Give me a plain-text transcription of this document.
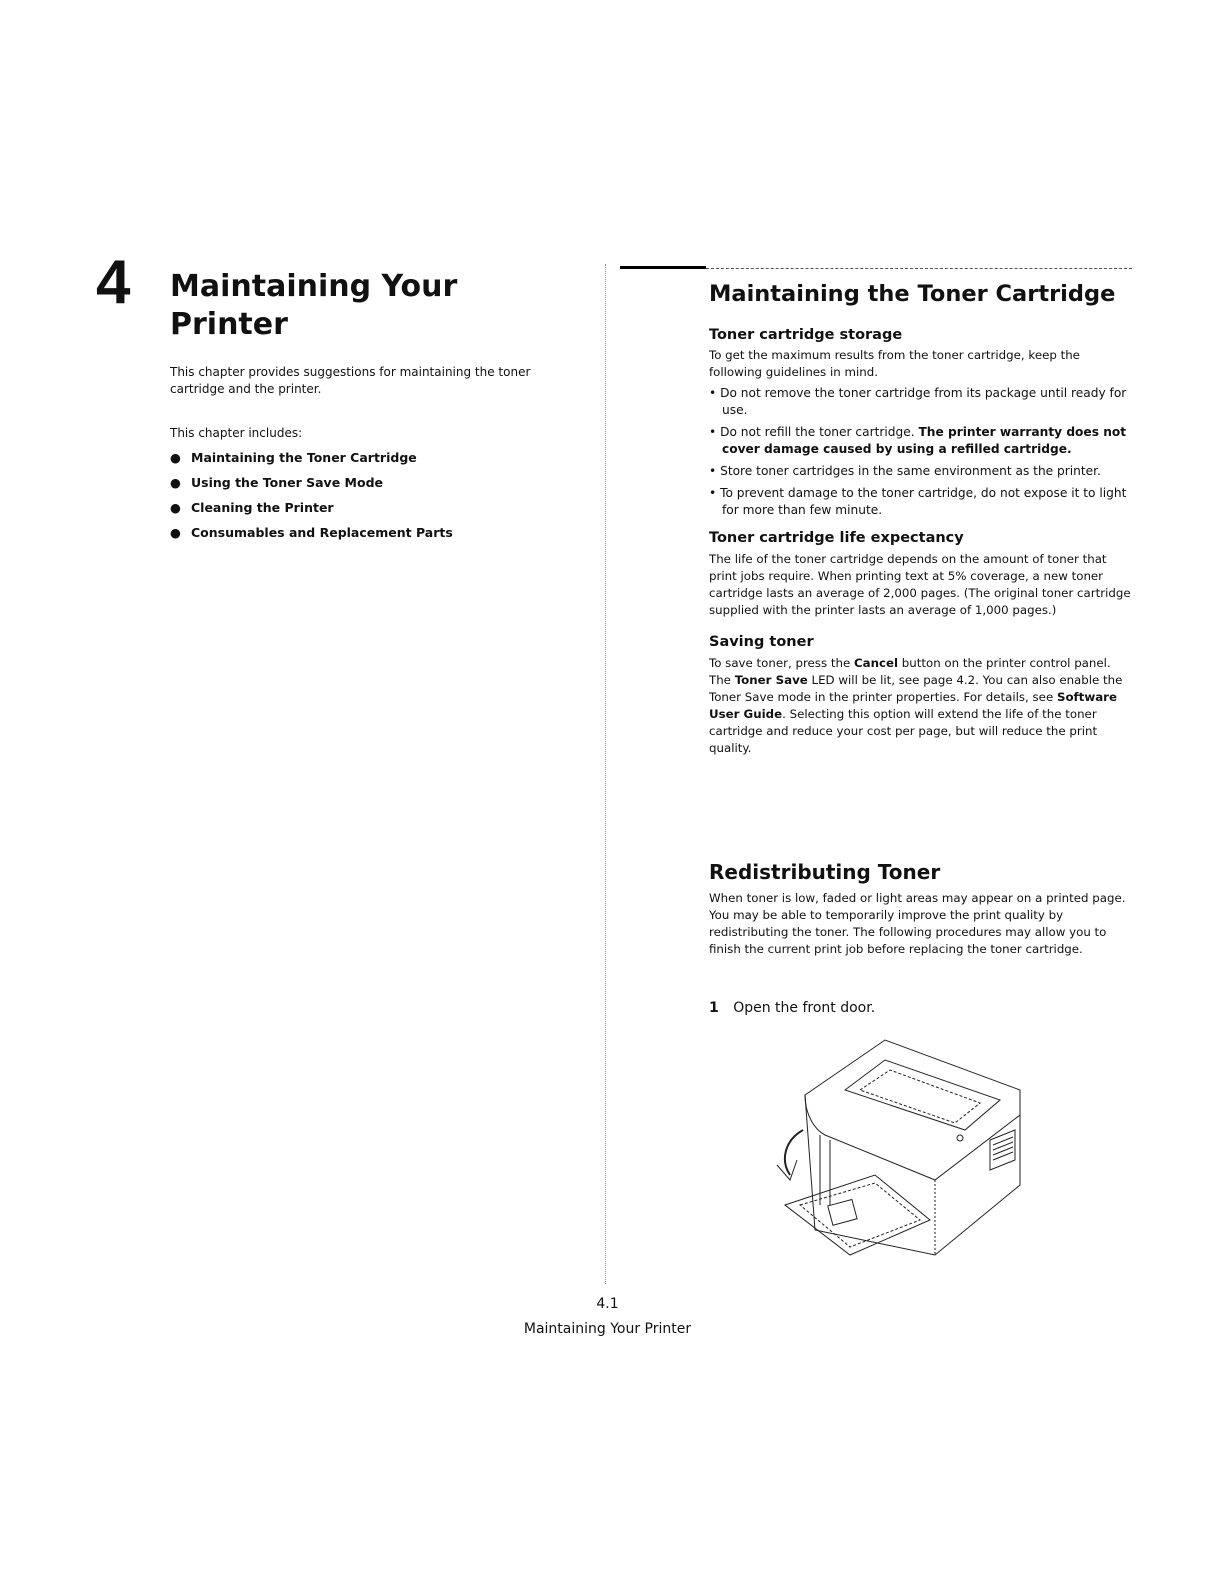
4 Maintaining Your Printer

This chapter provides suggestions for maintaining the toner cartridge and the printer.

This chapter includes:
● Maintaining the Toner Cartridge
● Using the Toner Save Mode
● Cleaning the Printer
● Consumables and Replacement Parts
Maintaining the Toner Cartridge
Toner cartridge storage

To get the maximum results from the toner cartridge, keep the following guidelines in mind.

• Do not remove the toner cartridge from its package until ready for use.
• Do not refill the toner cartridge. The printer warranty does not cover damage caused by using a refilled cartridge.
• Store toner cartridges in the same environment as the printer.
• To prevent damage to the toner cartridge, do not expose it to light for more than few minute.
Toner cartridge life expectancy

The life of the toner cartridge depends on the amount of toner that print jobs require. When printing text at 5% coverage, a new toner cartridge lasts an average of 2,000 pages. (The original toner cartridge supplied with the printer lasts an average of 1,000 pages.)

Saving toner

To save toner, press the Cancel button on the printer control panel. The Toner Save LED will be lit, see page 4.2. You can also enable the Toner Save mode in the printer properties. For details, see Software User Guide. Selecting this option will extend the life of the toner cartridge and reduce your cost per page, but will reduce the print quality.

Redistributing Toner

When toner is low, faded or light areas may appear on a printed page. You may be able to temporarily improve the print quality by redistributing the toner. The following procedures may allow you to finish the current print job before replacing the toner cartridge.

1 Open the front door.
4.1
Maintaining Your Printer
